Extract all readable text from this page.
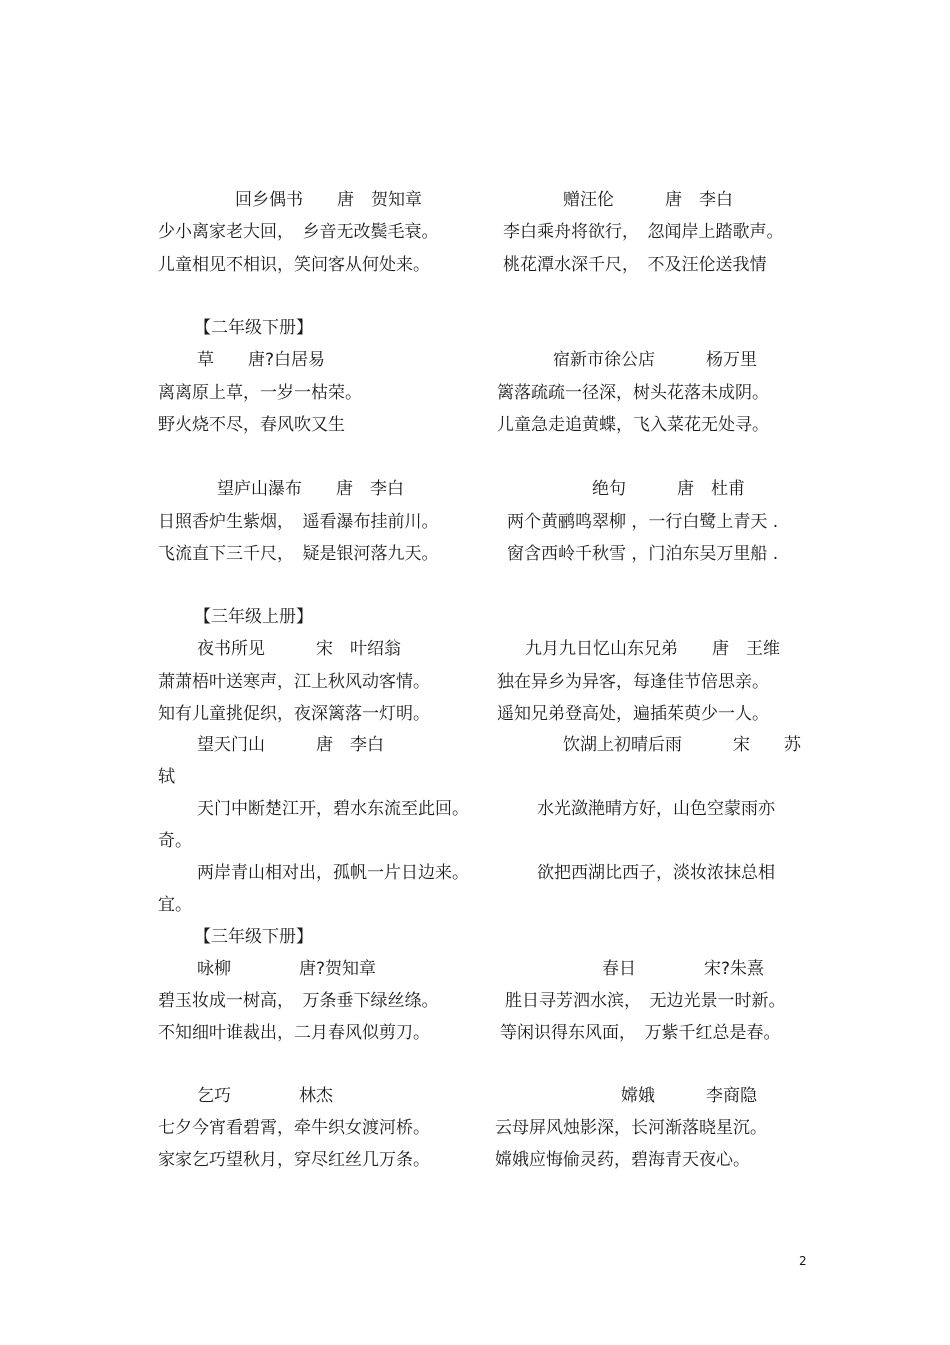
回乡偶书　　唐　贺知章	赠汪伦　　　唐　李白
少小离家老大回，　乡音无改鬓毛衰。	李白乘舟将欲行，　忽闻岸上踏歌声。
儿童相见不相识，笑问客从何处来。	桃花潭水深千尺，　不及汪伦送我情
【二年级下册】
草　　唐?白居易	宿新市徐公店　　　杨万里
离离原上草，一岁一枯荣。	篱落疏疏一径深，树头花落未成阴。
野火烧不尽，春风吹又生	儿童急走追黄蝶，飞入菜花无处寻。
望庐山瀑布　　唐　李白	绝句　　　唐　杜甫
日照香炉生紫烟，　遥看瀑布挂前川。	两个黄鹂鸣翠柳 ，一行白鹭上青天 .
飞流直下三千尺，　疑是银河落九天。	窗含西岭千秋雪 ，门泊东吴万里船 .
【三年级上册】
夜书所见　　　宋　叶绍翁	九月九日忆山东兄弟　　唐　王维
萧萧梧叶送寒声，江上秋风动客情。	独在异乡为异客，每逢佳节倍思亲。
知有儿童挑促织，夜深篱落一灯明。	遥知兄弟登高处，遍插茱萸少一人。
望天门山　　　唐　李白	饮湖上初晴后雨　　　宋　　苏
轼
天门中断楚江开，碧水东流至此回。	水光潋滟晴方好，山色空蒙雨亦
奇。
两岸青山相对出，孤帆一片日边来。	欲把西湖比西子，淡妆浓抹总相
宜。
【三年级下册】
咏柳　　　　唐?贺知章	春日　　　　宋?朱熹
碧玉妆成一树高，　万条垂下绿丝绦。	胜日寻芳泗水滨，　无边光景一时新。
不知细叶谁裁出，二月春风似剪刀。	等闲识得东风面，　万紫千红总是春。
乞巧　　　　林杰	嫦娥　　　李商隐
七夕今宵看碧霄，牵牛织女渡河桥。	云母屏风烛影深，长河渐落晓星沉。
家家乞巧望秋月，穿尽红丝几万条。	嫦娥应悔偷灵药，碧海青天夜心。
2
